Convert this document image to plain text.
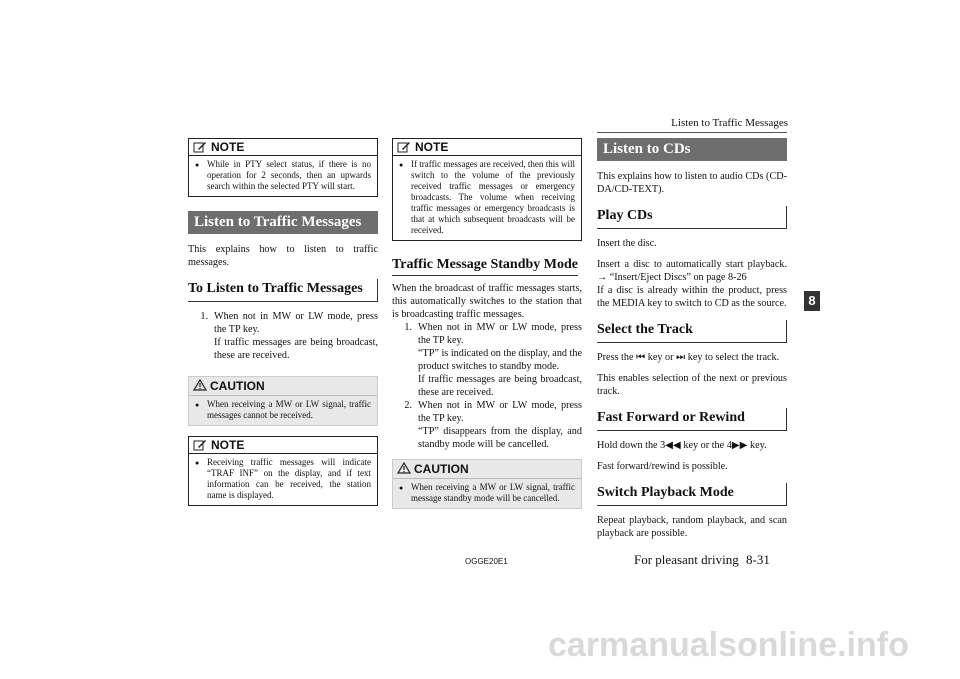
Listen to Traffic Messages
8
NOTE
● While in PTY select status, if there is no operation for 2 seconds, then an upwards search within the selected PTY will start.
Listen to Traffic Messages

This explains how to listen to traffic messages.

To Listen to Traffic Messages
1. When not in MW or LW mode, press the TP key.
If traffic messages are being broadcast, these are received.
CAUTION
● When receiving a MW or LW signal, traffic messages cannot be received.
NOTE
● Receiving traffic messages will indicate “TRAF INF” on the display, and if text information can be received, the station name is displayed.
NOTE
● If traffic messages are received, then this will switch to the volume of the previously received traffic messages or emergency broadcasts. The volume when receiving traffic messages or emergency broadcasts is that at which subsequent broadcasts will be received.
Traffic Message Standby Mode

When the broadcast of traffic messages starts, this automatically switches to the station that is broadcasting traffic messages.

1. When not in MW or LW mode, press the TP key.
“TP” is indicated on the display, and the product switches to standby mode.
If traffic messages are being broadcast, these are received.
2. When not in MW or LW mode, press the TP key.
“TP” disappears from the display, and standby mode will be cancelled.
CAUTION
● When receiving a MW or LW signal, traffic message standby mode will be cancelled.
Listen to CDs

This explains how to listen to audio CDs (CD-DA/CD-TEXT).

Play CDs

Insert the disc.

Insert a disc to automatically start playback. → “Insert/Eject Discs” on page 8-26

If a disc is already within the product, press the MEDIA key to switch to CD as the source.

Select the Track

Press the ⏮ key or ⏭ key to select the track.

This enables selection of the next or previous track.

Fast Forward or Rewind

Hold down the 3◀◀ key or the 4▶▶ key.

Fast forward/rewind is possible.

Switch Playback Mode

Repeat playback, random playback, and scan playback are possible.

OGGE20E1	For pleasant driving 8-31
carmanualsonline.info
